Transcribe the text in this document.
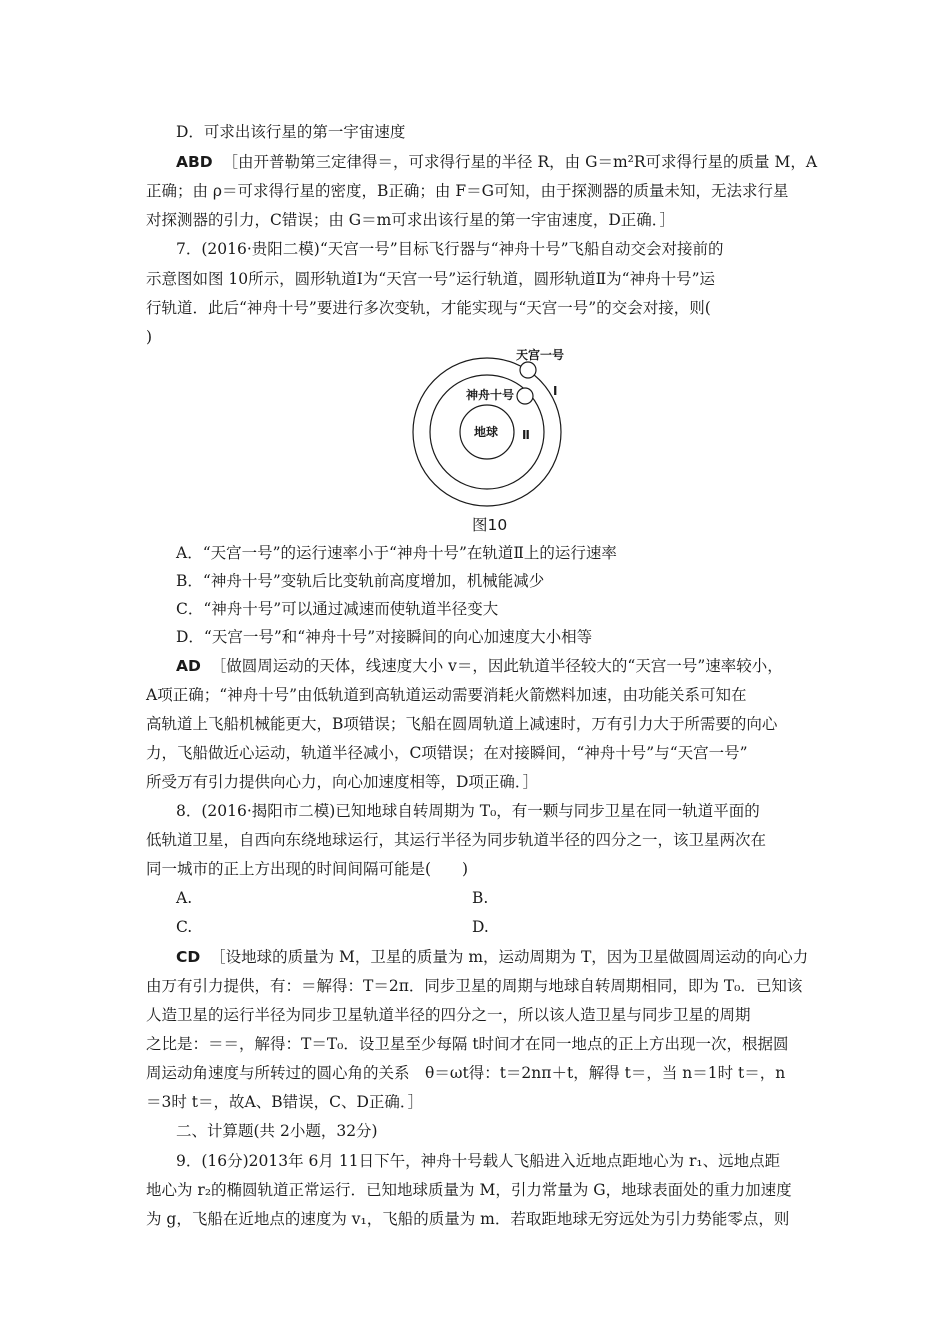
D．可求出该行星的第一宇宙速度
ABD ［由开普勒第三定律得＝，可求得行星的半径 R，由 G＝m²R可求得行星的质量 M，A
正确；由 ρ＝可求得行星的密度，B正确；由 F＝G可知，由于探测器的质量未知，无法求行星
对探测器的引力，C错误；由 G＝m可求出该行星的第一宇宙速度，D正确．］
7．(2016·贵阳二模)“天宫一号”目标飞行器与“神舟十号”飞船自动交会对接前的
示意图如图 10所示，圆形轨道Ⅰ为“天宫一号”运行轨道，圆形轨道Ⅱ为“神舟十号”运
行轨道．此后“神舟十号”要进行多次变轨，才能实现与“天宫一号”的交会对接，则(
)
天宫一号
神舟十号
地球
Ⅰ
Ⅱ
图10
A．“天宫一号”的运行速率小于“神舟十号”在轨道Ⅱ上的运行速率
B．“神舟十号”变轨后比变轨前高度增加，机械能减少
C．“神舟十号”可以通过减速而使轨道半径变大
D．“天宫一号”和“神舟十号”对接瞬间的向心加速度大小相等
AD ［做圆周运动的天体，线速度大小 v＝，因此轨道半径较大的“天宫一号”速率较小，
A项正确；“神舟十号”由低轨道到高轨道运动需要消耗火箭燃料加速，由功能关系可知在
高轨道上飞船机械能更大，B项错误；飞船在圆周轨道上减速时，万有引力大于所需要的向心
力，飞船做近心运动，轨道半径减小，C项错误；在对接瞬间，“神舟十号”与“天宫一号”
所受万有引力提供向心力，向心加速度相等，D项正确．］
8．(2016·揭阳市二模)已知地球自转周期为 T₀，有一颗与同步卫星在同一轨道平面的
低轨道卫星，自西向东绕地球运行，其运行半径为同步轨道半径的四分之一，该卫星两次在
同一城市的正上方出现的时间间隔可能是(　　)
A.	B.
C.	D.
CD ［设地球的质量为 M，卫星的质量为 m，运动周期为 T，因为卫星做圆周运动的向心力
由万有引力提供，有：＝解得：T＝2π．同步卫星的周期与地球自转周期相同，即为 T₀．已知该
人造卫星的运行半径为同步卫星轨道半径的四分之一，所以该人造卫星与同步卫星的周期
之比是：＝＝，解得：T＝T₀．设卫星至少每隔 t时间才在同一地点的正上方出现一次，根据圆
周运动角速度与所转过的圆心角的关系　θ＝ωt得：t＝2nπ＋t，解得 t＝，当 n＝1时 t＝，n
＝3时 t＝，故A、B错误，C、D正确．］
二、计算题(共 2小题，32分)
9．(16分)2013年 6月 11日下午，神舟十号载人飞船进入近地点距地心为 r₁、远地点距
地心为 r₂的椭圆轨道正常运行．已知地球质量为 M，引力常量为 G，地球表面处的重力加速度
为 g，飞船在近地点的速度为 v₁，飞船的质量为 m．若取距地球无穷远处为引力势能零点，则
